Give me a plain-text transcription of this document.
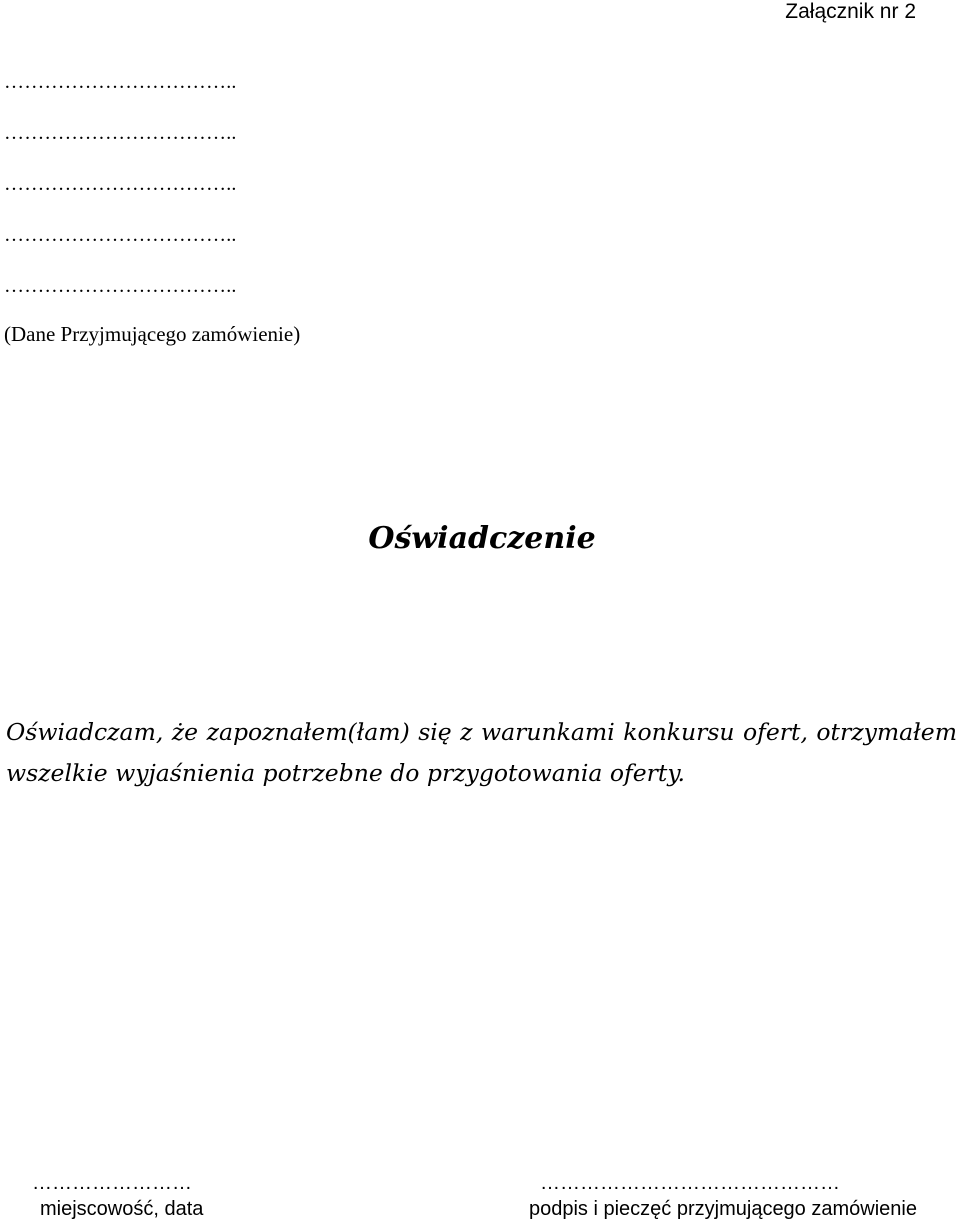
Załącznik nr 2
……………………………..
……………………………..
……………………………..
……………………………..
……………………………..
(Dane Przyjmującego zamówienie)
Oświadczenie

Oświadczam, że zapoznałem(łam) się z warunkami konkursu ofert, otrzymałem wszelkie wyjaśnienia potrzebne do przygotowania oferty.

……………………
miejscowość, data
………………………………………
podpis i pieczęć przyjmującego zamówienie
